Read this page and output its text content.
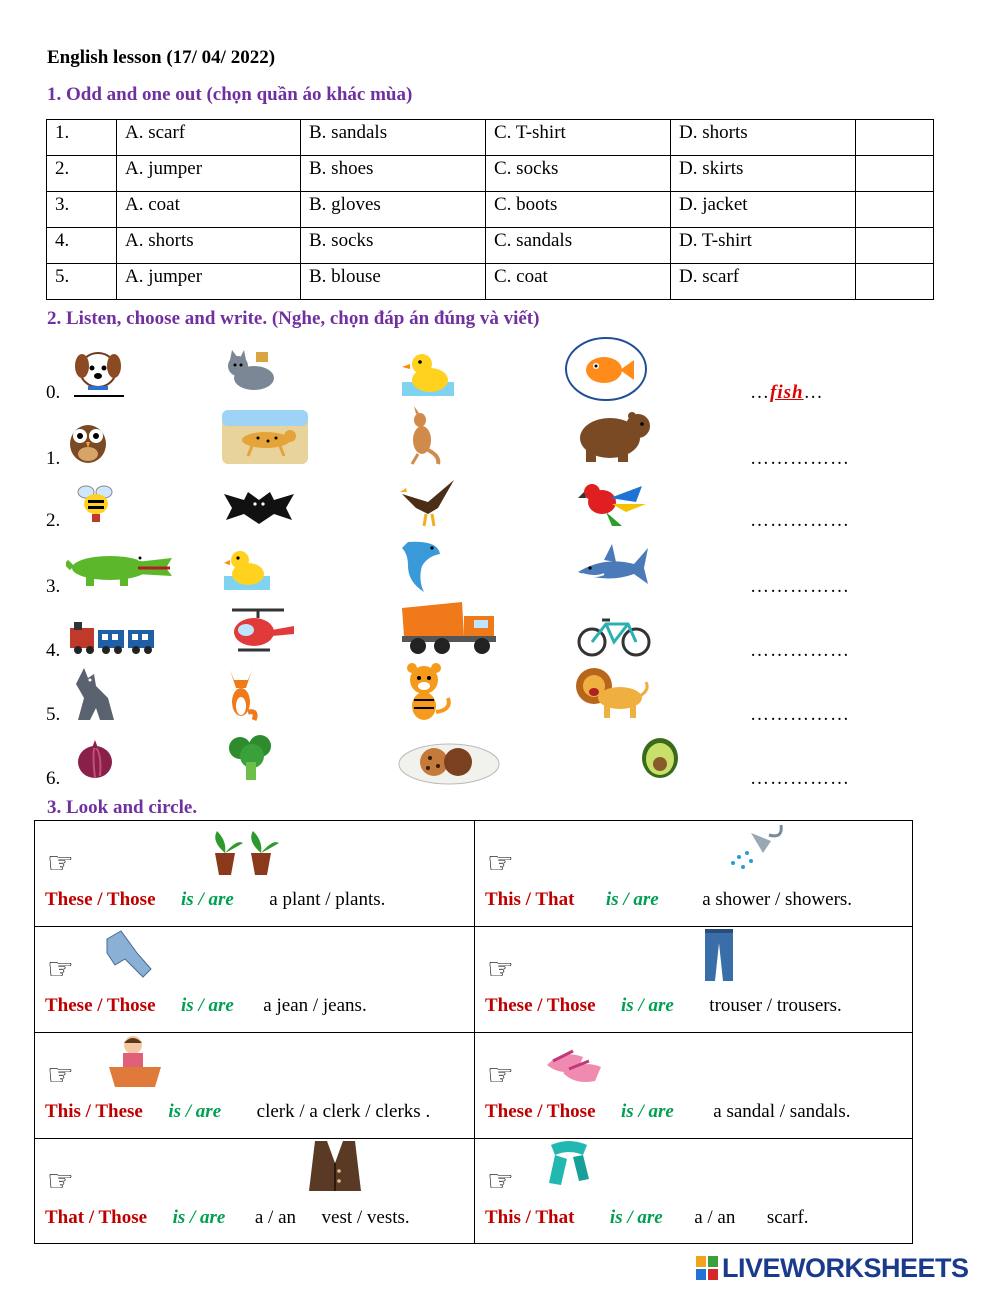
English lesson (17/ 04/ 2022)
1. Odd and one out (chọn quần áo khác mùa)
1.	A. scarf	B. sandals	C. T-shirt	D. shorts	
2.	A. jumper	B. shoes	C. socks	D. skirts	
3.	A. coat	B. gloves	C. boots	D. jacket	
4.	A. shorts	B. socks	C. sandals	D. T-shirt	
5.	A. jumper	B. blouse	C. coat	D. scarf	
2. Listen, choose and write. (Nghe, chọn đáp án đúng và viết)
0.	…fish…
1.	……………
2.	……………
3.	……………
4.	……………
5.	……………
6.	……………
3. Look and circle.
☞
These / Those is / are a plant / plants.
☞
This / That is / are a shower / showers.
☞
These / Those is / are a jean / jeans.
☞
These / Those is / are trouser / trousers.
☞
This / These is / are clerk / a clerk / clerks .
☞
These / Those is / are a sandal / sandals.
☞
That / Those is / are a / an vest / vests.
☞
This / That is / are a / an scarf.
LIVEWORKSHEETS
